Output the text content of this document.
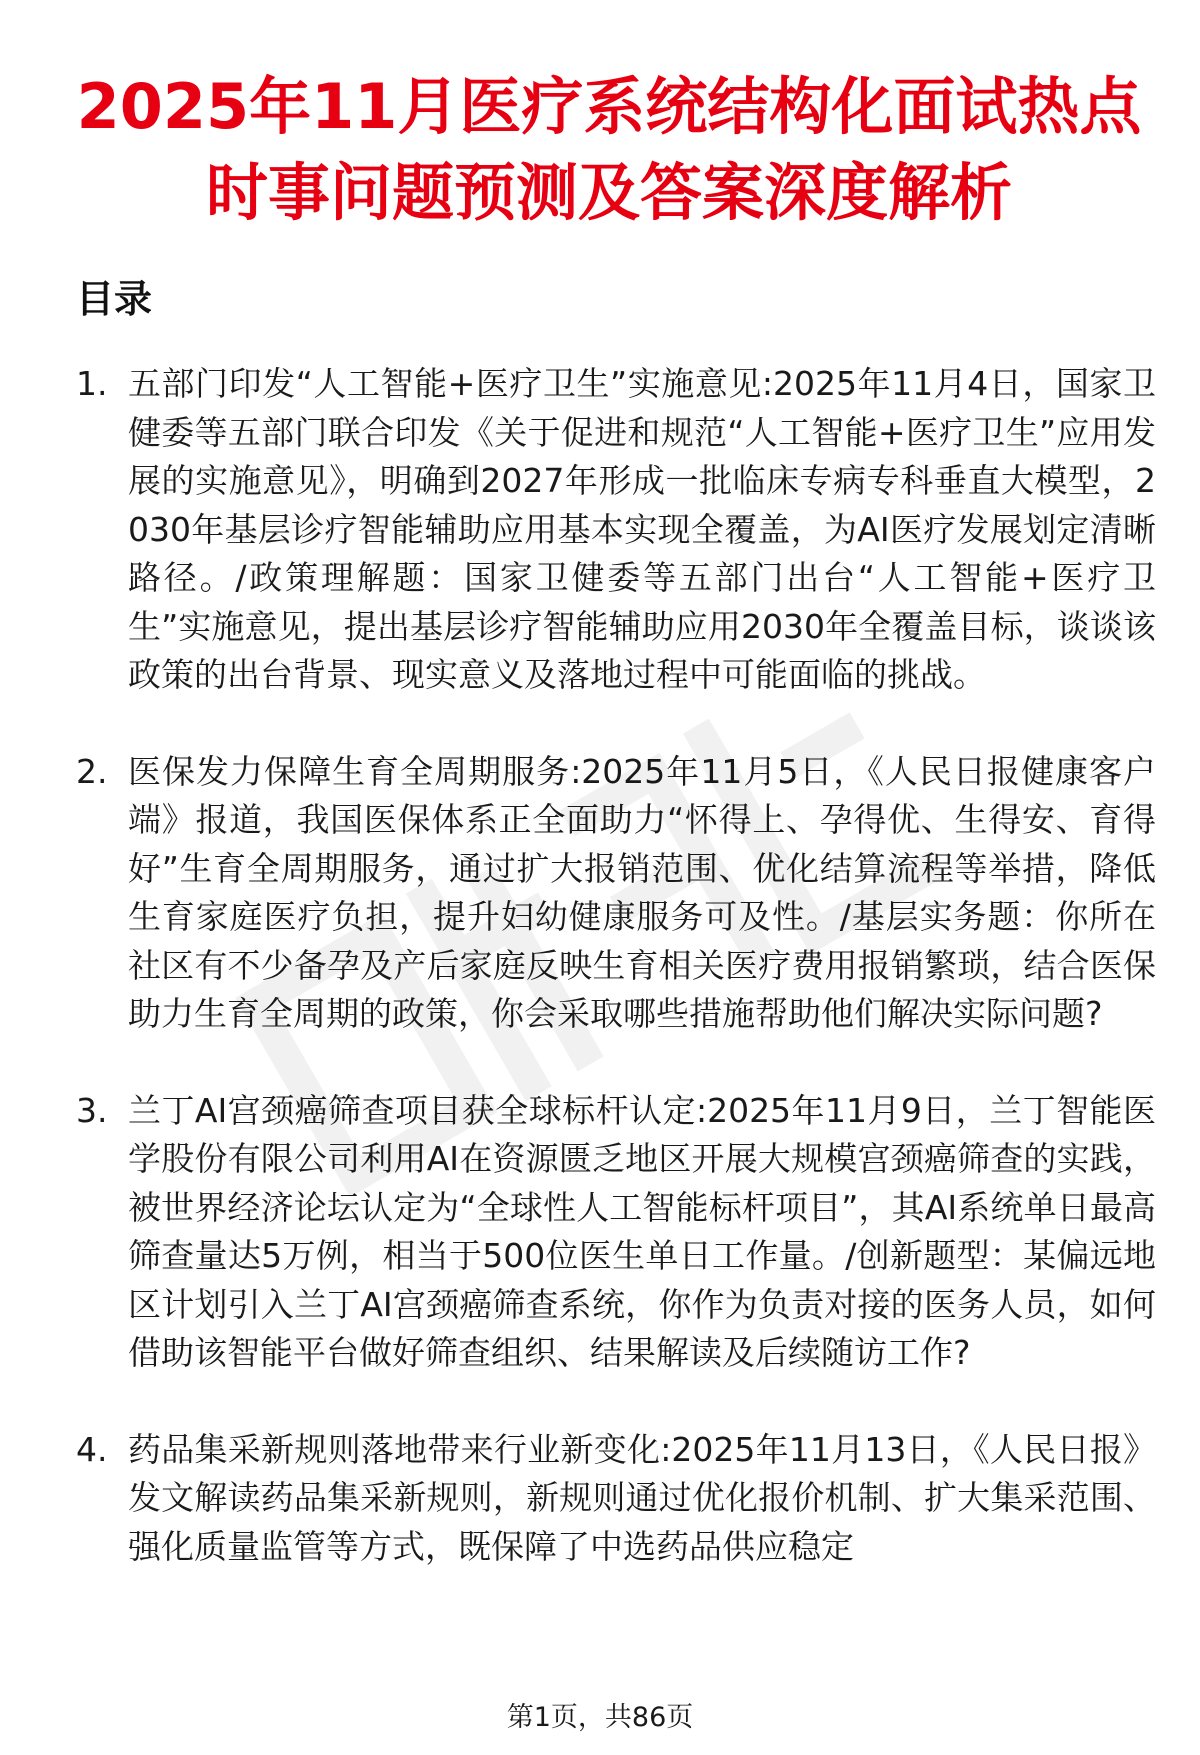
2025年11月医疗系统结构化面试热点时事问题预测及答案深度解析
目录
1. 五部门印发“人工智能+医疗卫生”实施意见:2025年11月4日，国家卫健委等五部门联合印发《关于促进和规范“人工智能+医疗卫生”应用发展的实施意见》，明确到2027年形成一批临床专病专科垂直大模型，2030年基层诊疗智能辅助应用基本实现全覆盖，为AI医疗发展划定清晰路径。/政策理解题：国家卫健委等五部门出台“人工智能+医疗卫生”实施意见，提出基层诊疗智能辅助应用2030年全覆盖目标，谈谈该政策的出台背景、现实意义及落地过程中可能面临的挑战。
2. 医保发力保障生育全周期服务:2025年11月5日，《人民日报健康客户端》报道，我国医保体系正全面助力“怀得上、孕得优、生得安、育得好”生育全周期服务，通过扩大报销范围、优化结算流程等举措，降低生育家庭医疗负担，提升妇幼健康服务可及性。/基层实务题：你所在社区有不少备孕及产后家庭反映生育相关医疗费用报销繁琐，结合医保助力生育全周期的政策，你会采取哪些措施帮助他们解决实际问题?
3. 兰丁AI宫颈癌筛查项目获全球标杆认定:2025年11月9日，兰丁智能医学股份有限公司利用AI在资源匮乏地区开展大规模宫颈癌筛查的实践，被世界经济论坛认定为“全球性人工智能标杆项目”，其AI系统单日最高筛查量达5万例，相当于500位医生单日工作量。/创新题型：某偏远地区计划引入兰丁AI宫颈癌筛查系统，你作为负责对接的医务人员，如何借助该智能平台做好筛查组织、结果解读及后续随访工作?
4. 药品集采新规则落地带来行业新变化:2025年11月13日，《人民日报》发文解读药品集采新规则，新规则通过优化报价机制、扩大集采范围、强化质量监管等方式，既保障了中选药品供应稳定
第1页，共86页
